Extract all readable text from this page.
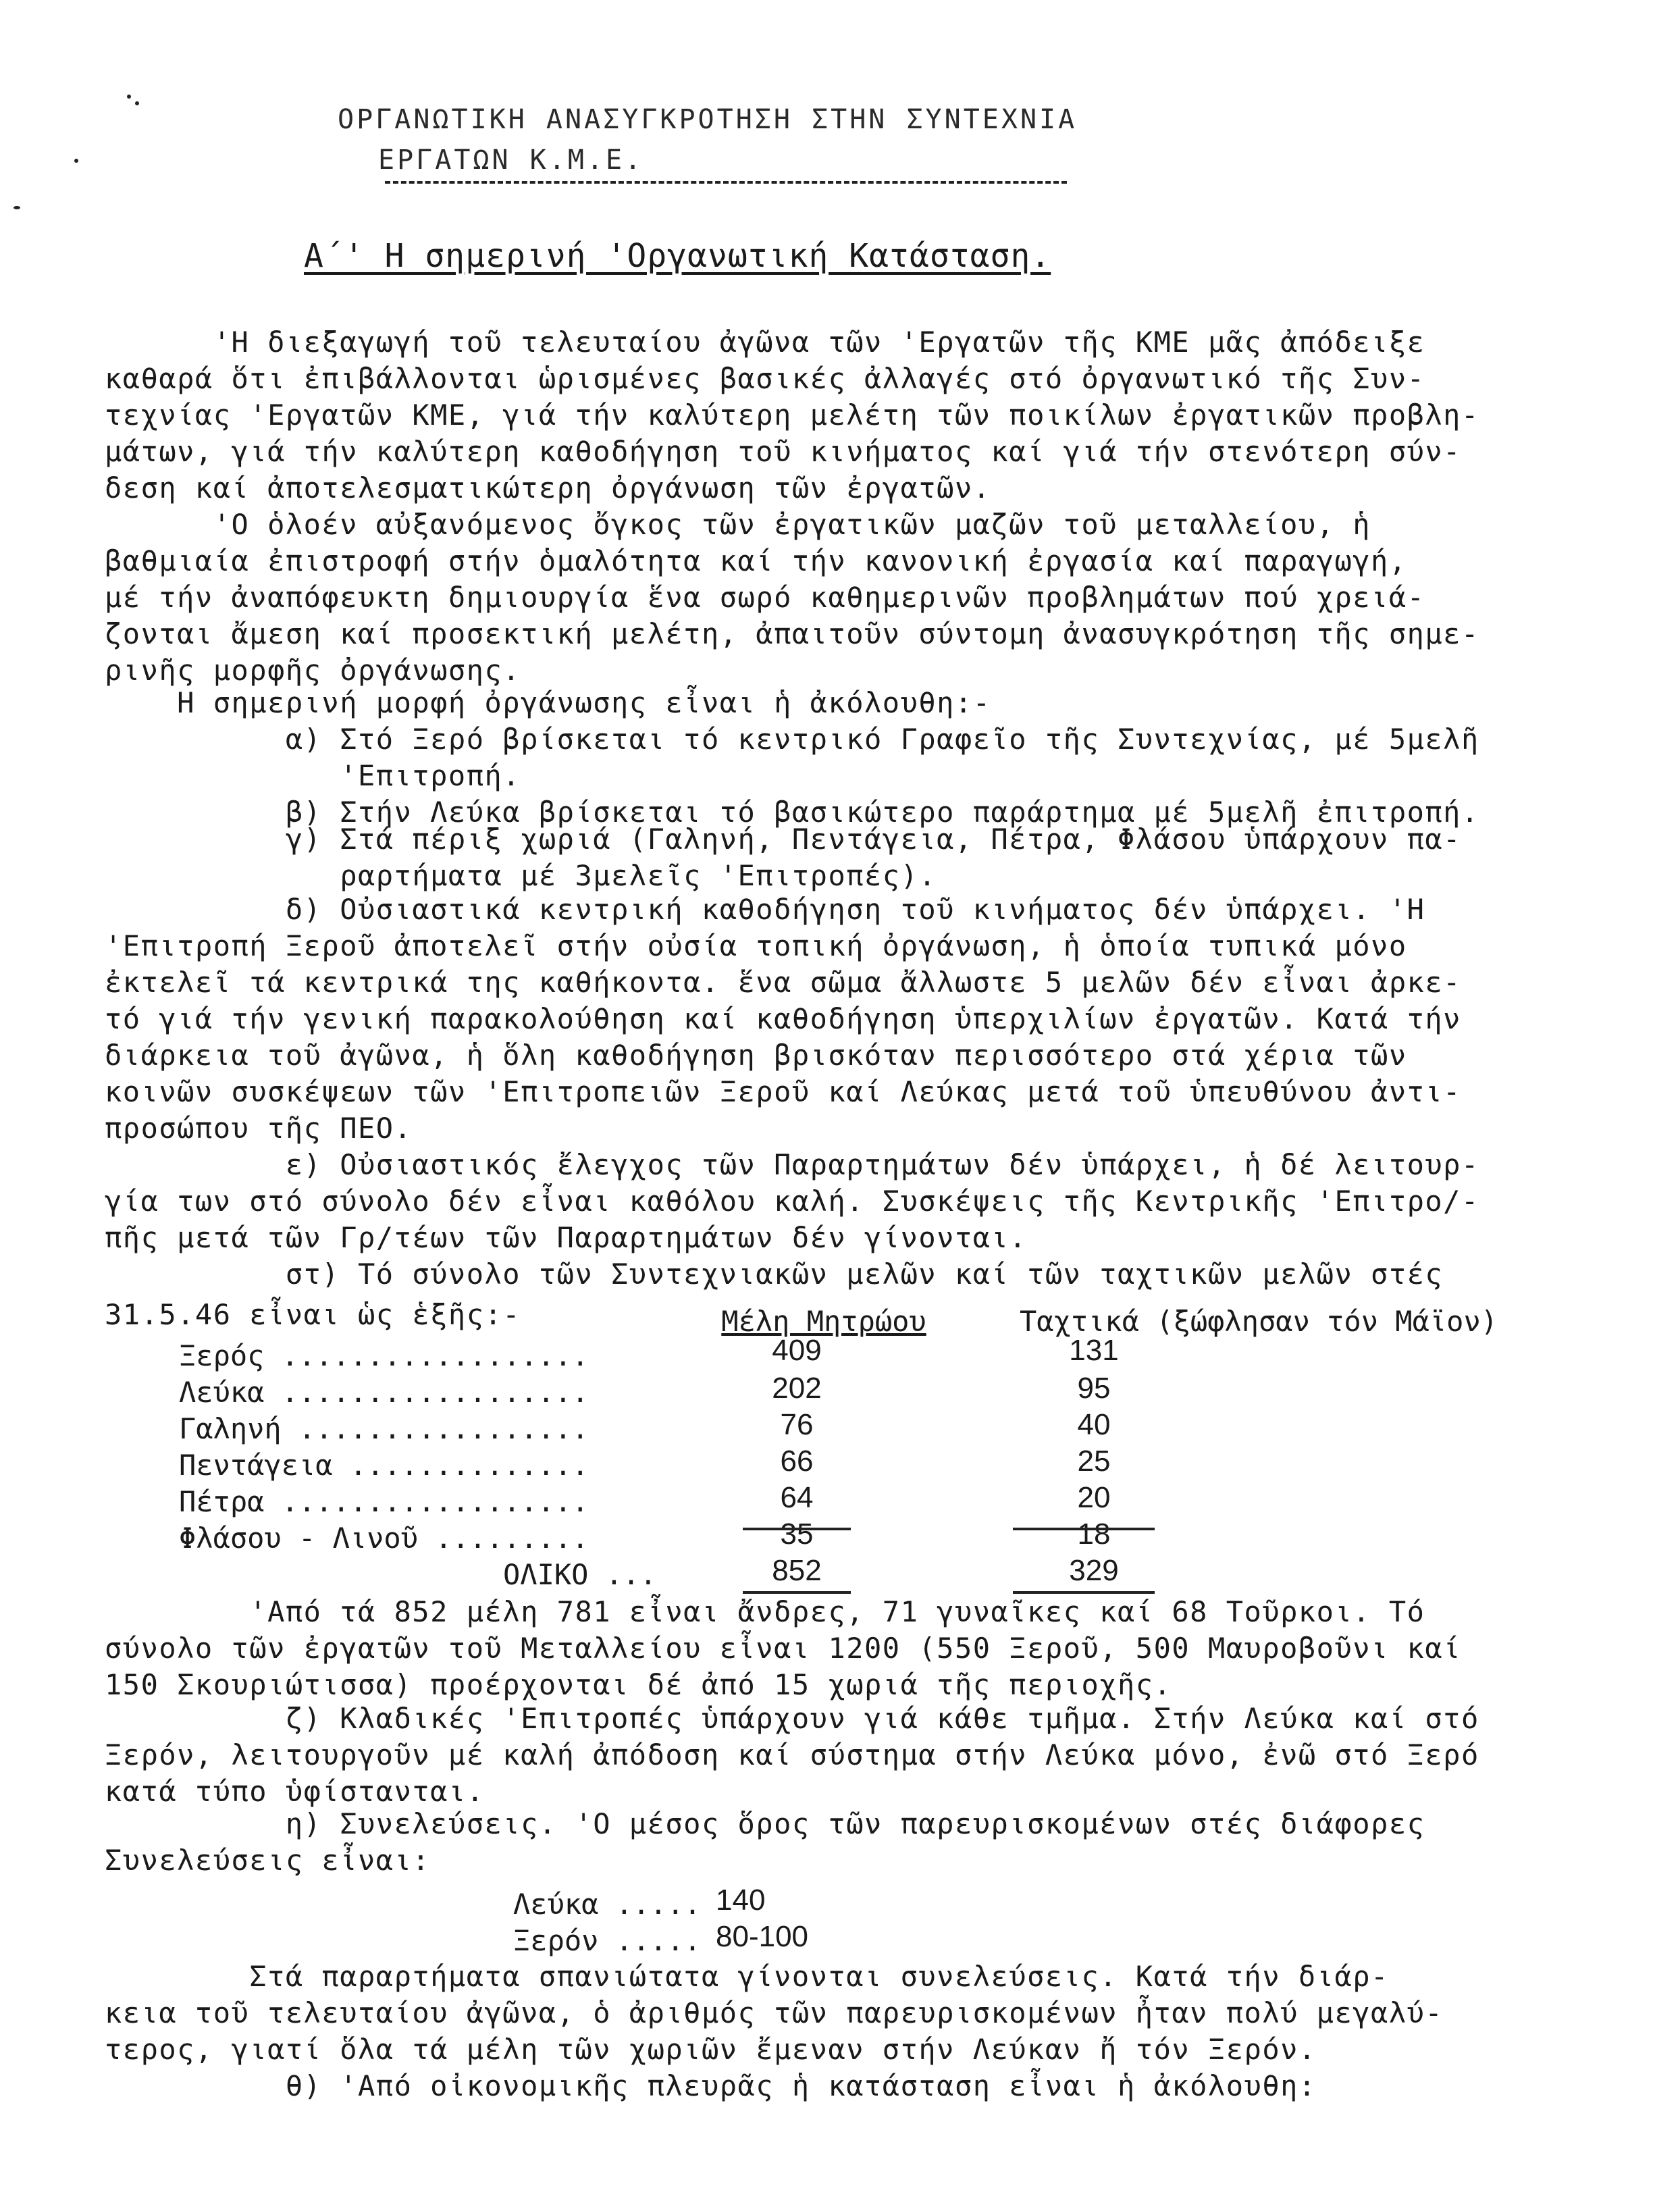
ΟΡΓΑΝΩΤΙΚΗ ΑΝΑΣΥΓΚΡΟΤΗΣΗ ΣΤΗΝ ΣΥΝΤΕΧΝΙΑ
ΕΡΓΑΤΩΝ Κ.Μ.Ε.
Α΄' Η σημερινή 'Οργανωτική Κατάσταση.
'Η διεξαγωγή τοῦ τελευταίου ἀγῶνα τῶν 'Εργατῶν τῆς ΚΜΕ μᾶς ἀπόδειξε
καθαρά ὅτι ἐπιβάλλονται ὡρισμένες βασικές ἀλλαγές στό ὀργανωτικό τῆς Συν-
τεχνίας 'Εργατῶν ΚΜΕ, γιά τήν καλύτερη μελέτη τῶν ποικίλων ἐργατικῶν προβλη-
μάτων, γιά τήν καλύτερη καθοδήγηση τοῦ κινήματος καί γιά τήν στενότερη σύν-
δεση καί ἀποτελεσματικώτερη ὀργάνωση τῶν ἐργατῶν.
'Ο ὁλοέν αὐξανόμενος ὄγκος τῶν ἐργατικῶν μαζῶν τοῦ μεταλλείου, ἡ
βαθμιαία ἐπιστροφή στήν ὁμαλότητα καί τήν κανονική ἐργασία καί παραγωγή,
μέ τήν ἀναπόφευκτη δημιουργία ἕνα σωρό καθημερινῶν προβλημάτων πού χρειά-
ζονται ἄμεση καί προσεκτική μελέτη, ἀπαιτοῦν σύντομη ἀνασυγκρότηση τῆς σημε-
ρινῆς μορφῆς ὀργάνωσης.
Η σημερινή μορφή ὀργάνωσης εἶναι ἡ ἀκόλουθη:-
α) Στό Ξερό βρίσκεται τό κεντρικό Γραφεῖο τῆς Συντεχνίας, μέ 5μελῆ
'Επιτροπή.
β) Στήν Λεύκα βρίσκεται τό βασικώτερο παράρτημα μέ 5μελῆ ἐπιτροπή.
γ) Στά πέριξ χωριά (Γαληνή, Πεντάγεια, Πέτρα, Φλάσου ὑπάρχουν πα-
ραρτήματα μέ 3μελεῖς 'Επιτροπές).
δ) Οὐσιαστικά κεντρική καθοδήγηση τοῦ κινήματος δέν ὑπάρχει. 'Η
'Επιτροπή Ξεροῦ ἀποτελεῖ στήν οὐσία τοπική ὀργάνωση, ἡ ὁποία τυπικά μόνο
ἐκτελεῖ τά κεντρικά της καθήκοντα. ἕνα σῶμα ἄλλωστε 5 μελῶν δέν εἶναι ἀρκε-
τό γιά τήν γενική παρακολούθηση καί καθοδήγηση ὑπερχιλίων ἐργατῶν. Κατά τήν
διάρκεια τοῦ ἀγῶνα, ἡ ὅλη καθοδήγηση βρισκόταν περισσότερο στά χέρια τῶν
κοινῶν συσκέψεων τῶν 'Επιτροπειῶν Ξεροῦ καί Λεύκας μετά τοῦ ὑπευθύνου ἀντι-
προσώπου τῆς ΠΕΟ.
ε) Οὐσιαστικός ἔλεγχος τῶν Παραρτημάτων δέν ὑπάρχει, ἡ δέ λειτουρ-
γία των στό σύνολο δέν εἶναι καθόλου καλή. Συσκέψεις τῆς Κεντρικῆς 'Επιτρο/-
πῆς μετά τῶν Γρ/τέων τῶν Παραρτημάτων δέν γίνονται.
στ) Τό σύνολο τῶν Συντεχνιακῶν μελῶν καί τῶν ταχτικῶν μελῶν στές
31.5.46 εἶναι ὡς ἑξῆς:-	Μέλη Μητρώου	Ταχτικά (ξώφλησαν τόν Μάϊον)
Ξερός ..................	409	131
Λεύκα ..................	202	95
Γαληνή .................	76	40
Πεντάγεια ..............	66	25
Πέτρα ..................	64	20
Φλάσου - Λινοῦ .........	35	18
ΟΛΙΚΟ ...	852	329
'Από τά 852 μέλη 781 εἶναι ἄνδρες, 71 γυναῖκες καί 68 Τοῦρκοι. Τό
σύνολο τῶν ἐργατῶν τοῦ Μεταλλείου εἶναι 1200 (550 Ξεροῦ, 500 Μαυροβοῦνι καί
150 Σκουριώτισσα) προέρχονται δέ ἀπό 15 χωριά τῆς περιοχῆς.
ζ) Κλαδικές 'Επιτροπές ὑπάρχουν γιά κάθε τμῆμα. Στήν Λεύκα καί στό
Ξερόν, λειτουργοῦν μέ καλή ἀπόδοση καί σύστημα στήν Λεύκα μόνο, ἐνῶ στό Ξερό
κατά τύπο ὑφίστανται.
η) Συνελεύσεις. 'Ο μέσος ὅρος τῶν παρευρισκομένων στές διάφορες
Συνελεύσεις εἶναι:
Λεύκα ..... 140
Ξερόν ..... 80-100
Στά παραρτήματα σπανιώτατα γίνονται συνελεύσεις. Κατά τήν διάρ-
κεια τοῦ τελευταίου ἀγῶνα, ὁ ἀριθμός τῶν παρευρισκομένων ἦταν πολύ μεγαλύ-
τερος, γιατί ὅλα τά μέλη τῶν χωριῶν ἔμεναν στήν Λεύκαν ἤ τόν Ξερόν.
θ) 'Από οἰκονομικῆς πλευρᾶς ἡ κατάσταση εἶναι ἡ ἀκόλουθη:
